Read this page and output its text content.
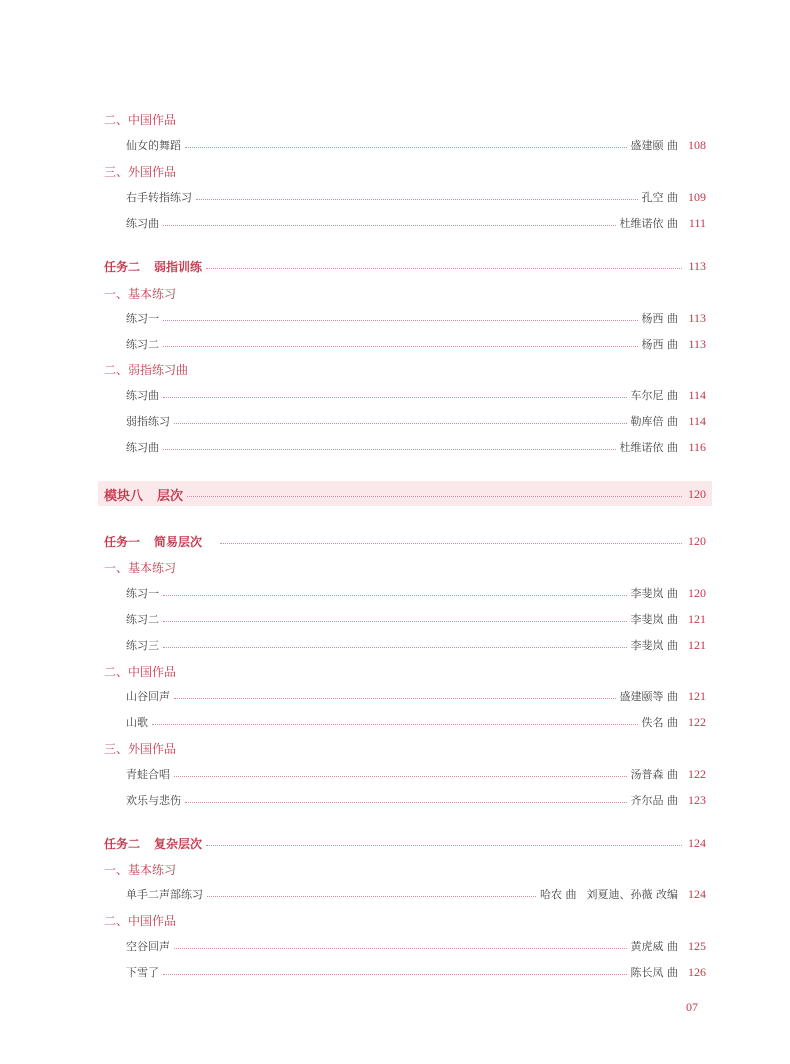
二、中国作品
仙女的舞蹈	盛建颐 曲 108
三、外国作品
右手转指练习	孔空 曲 109
练习曲	杜维诺依 曲 111
任务二 弱指训练	113
一、基本练习
练习一	杨西 曲 113
练习二	杨西 曲 113
二、弱指练习曲
练习曲	车尔尼 曲 114
弱指练习	勒库倍 曲 114
练习曲	杜维诺依 曲 116
模块八 层次	120
任务一 简易层次	120
一、基本练习
练习一	李斐岚 曲 120
练习二	李斐岚 曲 121
练习三	李斐岚 曲 121
二、中国作品
山谷回声	盛建颐等 曲 121
山歌	佚名 曲 122
三、外国作品
青蛙合唱	汤普森 曲 122
欢乐与悲伤	齐尔品 曲 123
任务二 复杂层次	124
一、基本练习
单手二声部练习	哈农 曲 刘夏迪、孙薇 改编 124
二、中国作品
空谷回声	黄虎威 曲 125
下雪了	陈长凤 曲 126
07
